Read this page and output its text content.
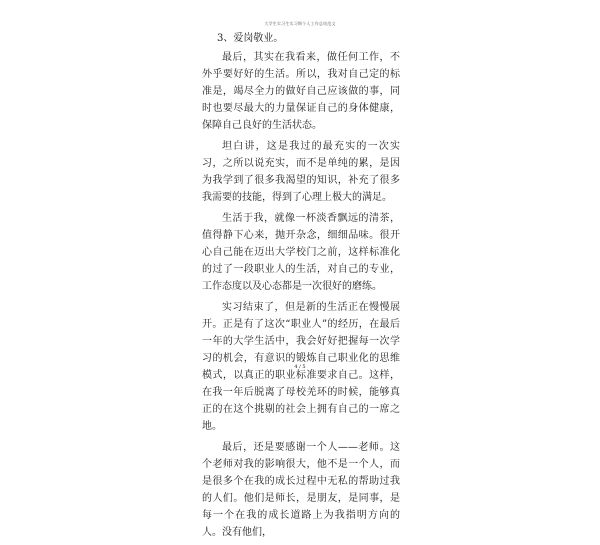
大学生实习生实习期个人工作总结范文

3、爱岗敬业。

最后，其实在我看来，做任何工作，不外乎要好好的生活。所以，我对自己定的标准是，竭尽全力的做好自己应该做的事，同时也要尽最大的力量保证自己的身体健康，保障自己良好的生活状态。

坦白讲，这是我过的最充实的一次实习，之所以说充实，而不是单纯的累，是因为我学到了很多我渴望的知识，补充了很多我需要的技能，得到了心理上极大的满足。

生活于我，就像一杯淡香飘远的清茶，值得静下心来，抛开杂念，细细品味。很开心自己能在迈出大学校门之前，这样标准化的过了一段职业人的生活，对自己的专业，工作态度以及心态都是一次很好的磨练。

实习结束了，但是新的生活正在慢慢展开。正是有了这次“职业人”的经历，在最后一年的大学生活中，我会好好把握每一次学习的机会，有意识的锻炼自己职业化的思维模式，以真正的职业标准要求自己。这样，在我一年后脱离了母校羌环的时候，能够真正的在这个挑剔的社会上拥有自己的一席之地。

最后，还是要感谢一个人——老师。这个老师对我的影响很大，他不是一个人，而是很多个在我的成长过程中无私的帮助过我的人们。他们是师长，是朋友，是同事，是每一个在我的成长道路上为我指明方向的人。没有他们，

4 / 5
